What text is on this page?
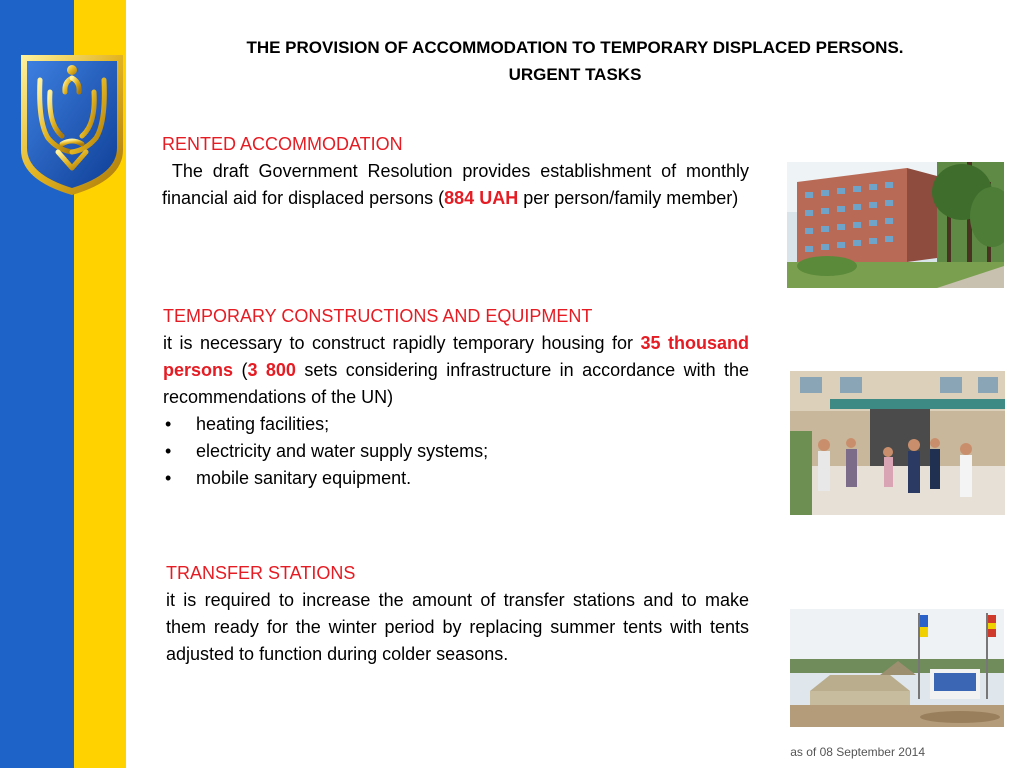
THE PROVISION OF ACCOMMODATION TO TEMPORARY DISPLACED PERSONS.
URGENT TASKS
RENTED ACCOMMODATION
The draft Government Resolution provides establishment of monthly financial aid for displaced persons (884 UAH per person/family member)
TEMPORARY CONSTRUCTIONS AND EQUIPMENT
it is necessary to construct rapidly temporary housing for 35 thousand persons (3 800 sets considering infrastructure in accordance with the recommendations of the UN)
• heating facilities;
• electricity and water supply systems;
• mobile sanitary equipment.
TRANSFER STATIONS
it is required to increase the amount of transfer stations and to make them ready for the winter period by replacing summer tents with tents adjusted to function during colder seasons.
as of 08 September 2014
